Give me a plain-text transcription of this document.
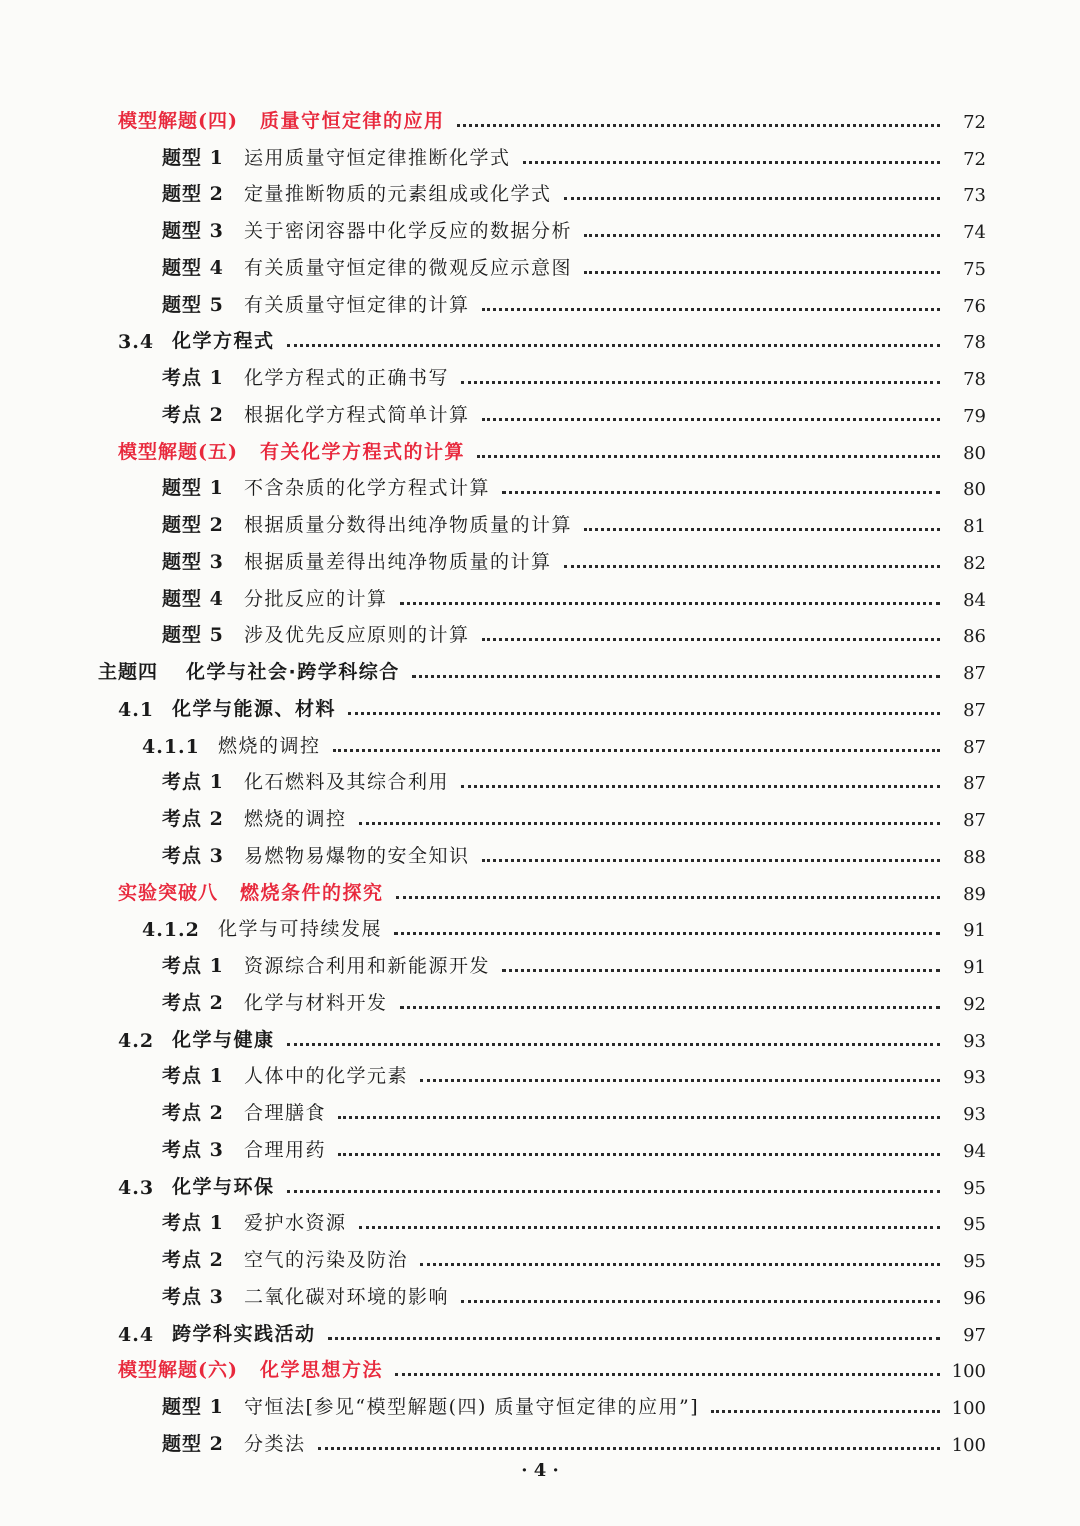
模型解题(四) 质量守恒定律的应用	72
题型 1	运用质量守恒定律推断化学式	72
题型 2	定量推断物质的元素组成或化学式	73
题型 3	关于密闭容器中化学反应的数据分析	74
题型 4	有关质量守恒定律的微观反应示意图	75
题型 5	有关质量守恒定律的计算	76
3.4 化学方程式	78
考点 1	化学方程式的正确书写	78
考点 2	根据化学方程式简单计算	79
模型解题(五) 有关化学方程式的计算	80
题型 1	不含杂质的化学方程式计算	80
题型 2	根据质量分数得出纯净物质量的计算	81
题型 3	根据质量差得出纯净物质量的计算	82
题型 4	分批反应的计算	84
题型 5	涉及优先反应原则的计算	86
主题四	化学与社会·跨学科综合	87
4.1 化学与能源、材料	87
4.1.1 燃烧的调控	87
考点 1	化石燃料及其综合利用	87
考点 2	燃烧的调控	87
考点 3	易燃物易爆物的安全知识	88
实验突破八 燃烧条件的探究	89
4.1.2 化学与可持续发展	91
考点 1	资源综合利用和新能源开发	91
考点 2	化学与材料开发	92
4.2 化学与健康	93
考点 1	人体中的化学元素	93
考点 2	合理膳食	93
考点 3	合理用药	94
4.3 化学与环保	95
考点 1	爱护水资源	95
考点 2	空气的污染及防治	95
考点 3	二氧化碳对环境的影响	96
4.4 跨学科实践活动	97
模型解题(六) 化学思想方法	100
题型 1	守恒法[参见“模型解题(四) 质量守恒定律的应用”]	100
题型 2	分类法	100
· 4 ·
